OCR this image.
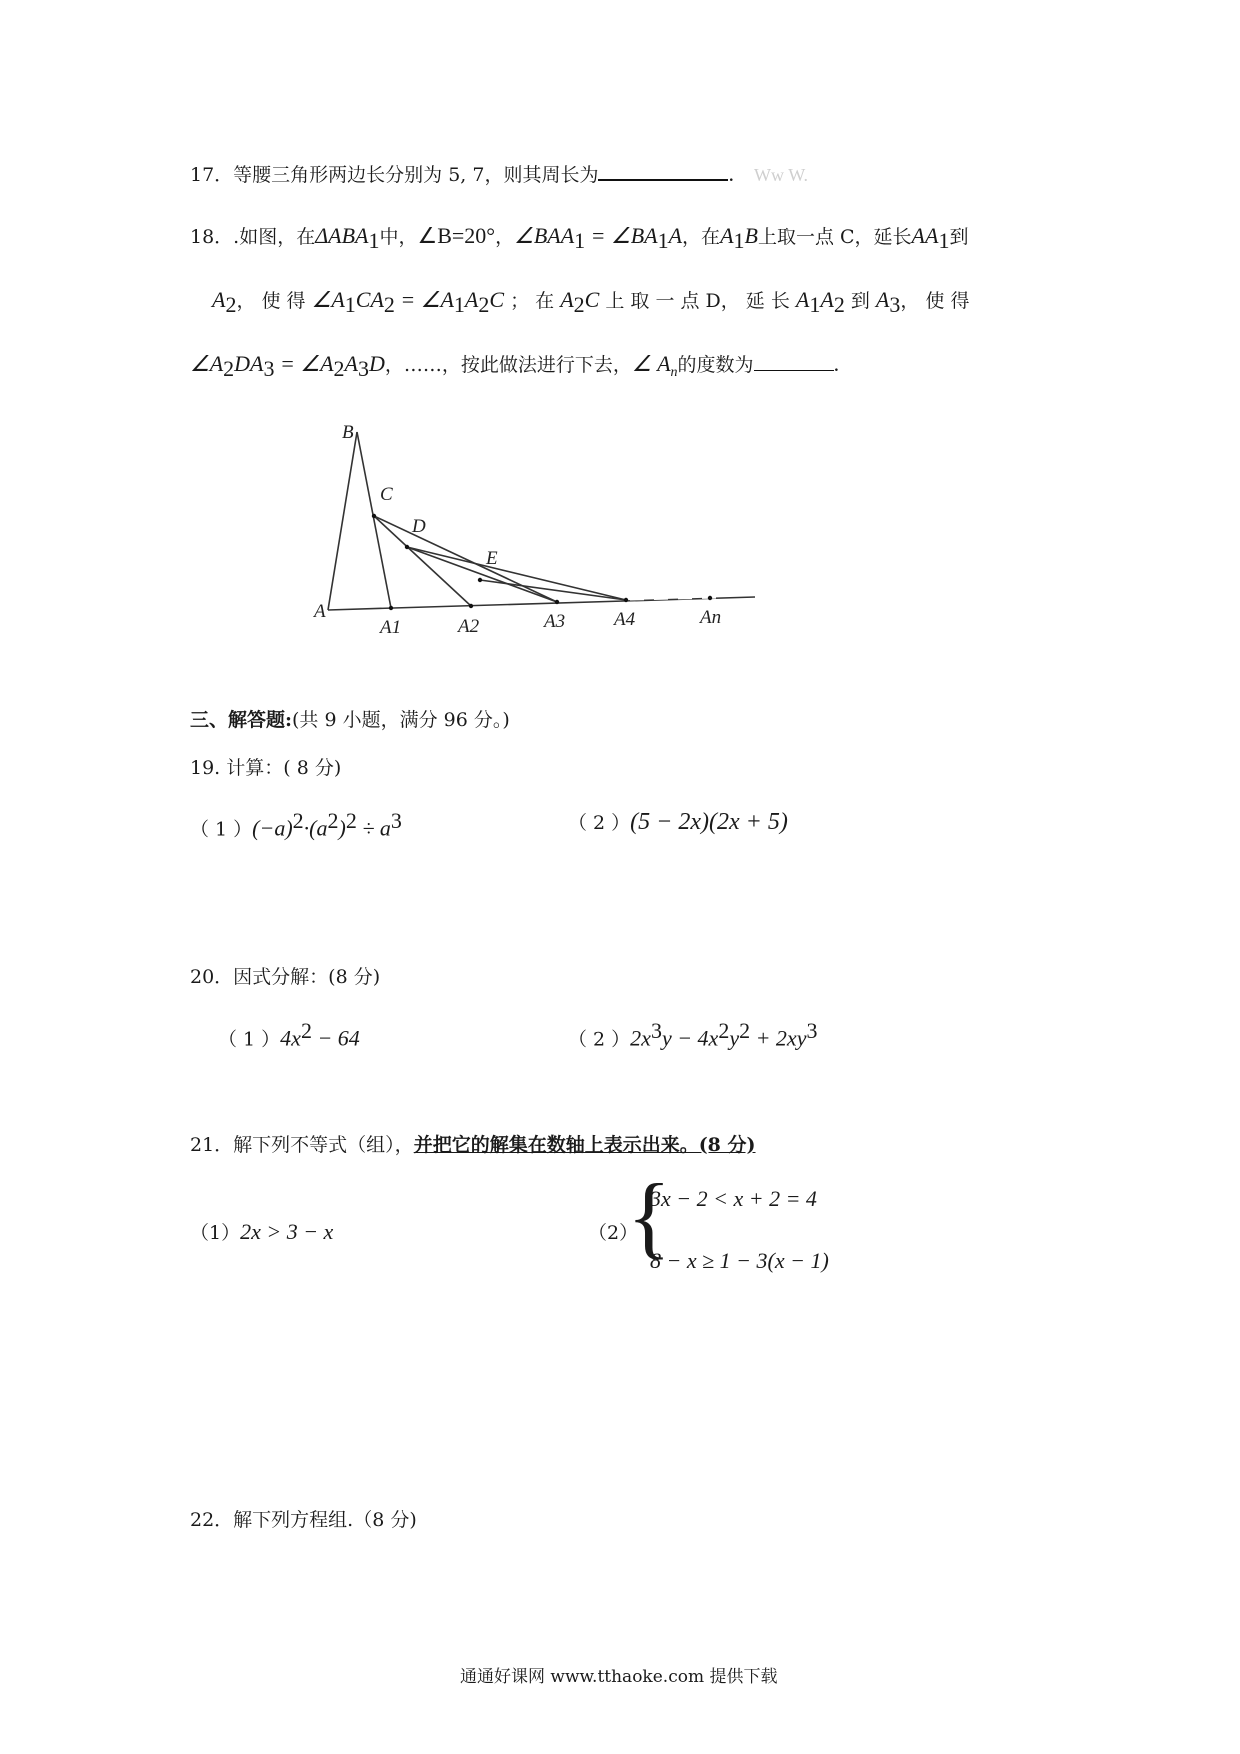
17．等腰三角形两边长分别为 5, 7，则其周长为	. Ww W.
18．.如图，在$\Delta ABA_1$中，∠B=20°，$\angle BAA_1$ = $\angle BA_1A$，在$A_1B$上取一点 C，延长$AA_1$到
$A_2$， 使 得 $\angle A_1CA_2$ = $\angle A_1A_2C$ ； 在 $A_2C$ 上 取 一 点 D， 延 长 $A_1A_2$ 到 $A_3$， 使 得
$\angle A_2DA_3$ = $\angle A_2A_3D$，……，按此做法进行下去，∠ $A_n$的度数为	.
B
C
D
E
A
A1	A2	A3	A4	An
三、解答题:(共 9 小题，满分 96 分。)
19. 计算：( 8 分)
（ 1 ）$(-a)^2\cdot(a^2)^2 \div a^3$	（ 2 ）(5 − 2x)(2x + 5)
20．因式分解：(8 分)
（ 1 ）$4x^2 - 64$	（ 2 ）$2x^3y - 4x^2y^2 + 2xy^3$
21．解下列不等式（组），并把它的解集在数轴上表示出来。(8 分)
（1）2x > 3 − x	（2）
{
3x − 2 < x + 2 = 4
8 − x ≥ 1 − 3(x − 1)
22．解下列方程组.（8 分)
通通好课网 www.tthaoke.com 提供下载
